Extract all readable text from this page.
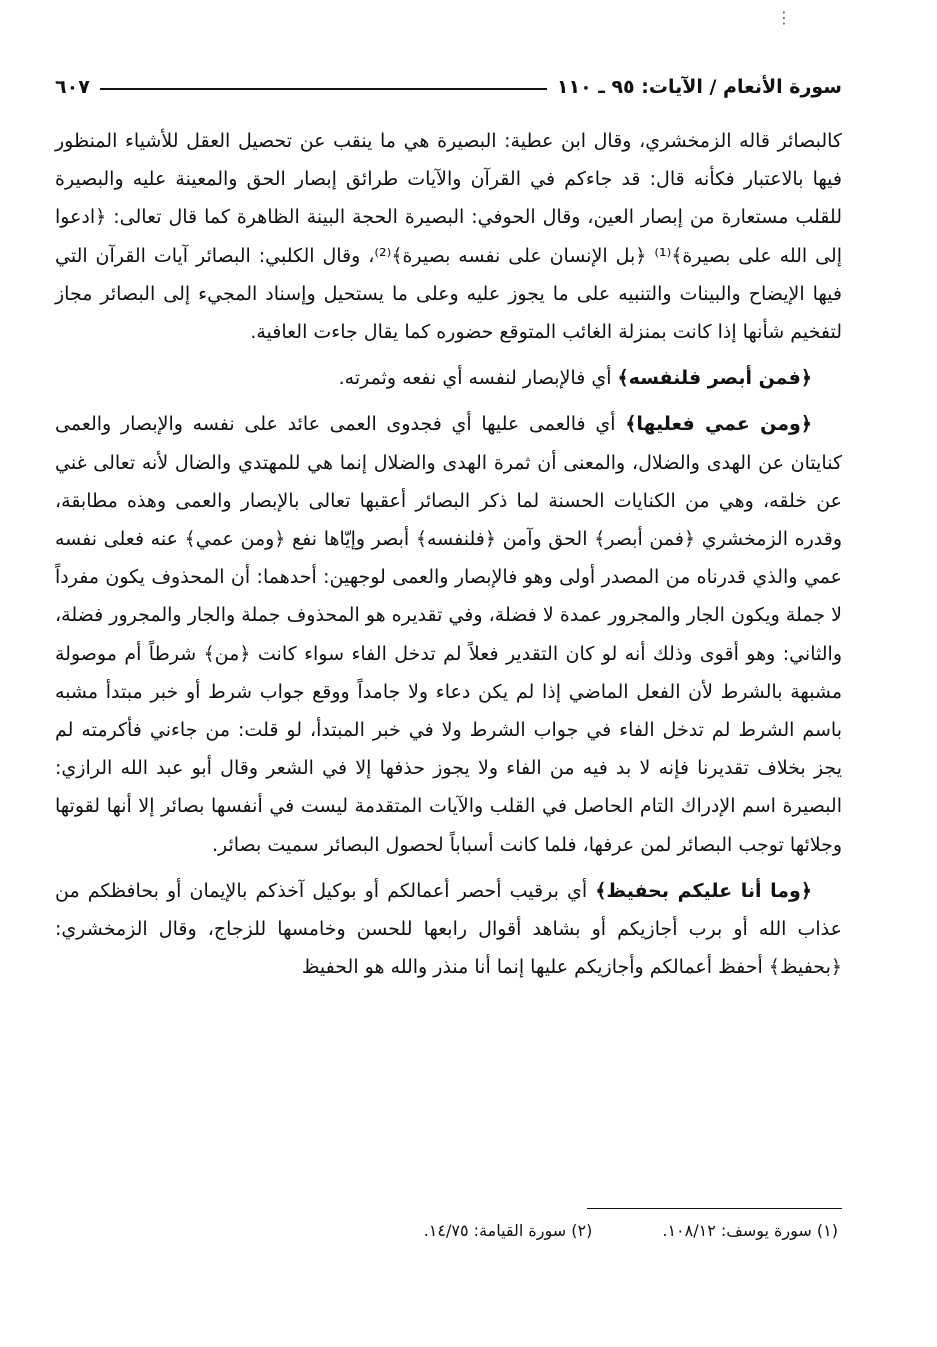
⋮
سورة الأنعام / الآيات: ٩٥ ـ ١١٠
٦٠٧

كالبصائر قاله الزمخشري، وقال ابن عطية: البصيرة هي ما ينقب عن تحصيل العقل للأشياء المنظور فيها بالاعتبار فكأنه قال: قد جاءكم في القرآن والآيات طرائق إبصار الحق والمعينة عليه والبصيرة للقلب مستعارة من إبصار العين، وقال الحوفي: البصيرة الحجة البينة الظاهرة كما قال تعالى: ﴿ادعوا إلى الله على بصيرة﴾⁽¹⁾ ﴿بل الإنسان على نفسه بصيرة﴾⁽²⁾، وقال الكلبي: البصائر آيات القرآن التي فيها الإيضاح والبينات والتنبيه على ما يجوز عليه وعلى ما يستحيل وإسناد المجيء إلى البصائر مجاز لتفخيم شأنها إذا كانت بمنزلة الغائب المتوقع حضوره كما يقال جاءت العافية.

﴿فمن أبصر فلنفسه﴾ أي فالإبصار لنفسه أي نفعه وثمرته.

﴿ومن عمي فعليها﴾ أي فالعمى عليها أي فجدوى العمى عائد على نفسه والإبصار والعمى كنايتان عن الهدى والضلال، والمعنى أن ثمرة الهدى والضلال إنما هي للمهتدي والضال لأنه تعالى غني عن خلقه، وهي من الكنايات الحسنة لما ذكر البصائر أعقبها تعالى بالإبصار والعمى وهذه مطابقة، وقدره الزمخشري ﴿فمن أبصر﴾ الحق وآمن ﴿فلنفسه﴾ أبصر وإيّاها نفع ﴿ومن عمي﴾ عنه فعلى نفسه عمي والذي قدرناه من المصدر أولى وهو فالإبصار والعمى لوجهين: أحدهما: أن المحذوف يكون مفرداً لا جملة ويكون الجار والمجرور عمدة لا فضلة، وفي تقديره هو المحذوف جملة والجار والمجرور فضلة، والثاني: وهو أقوى وذلك أنه لو كان التقدير فعلاً لم تدخل الفاء سواء كانت ﴿من﴾ شرطاً أم موصولة مشبهة بالشرط لأن الفعل الماضي إذا لم يكن دعاء ولا جامداً ووقع جواب شرط أو خبر مبتدأ مشبه باسم الشرط لم تدخل الفاء في جواب الشرط ولا في خبر المبتدأ، لو قلت: من جاءني فأكرمته لم يجز بخلاف تقديرنا فإنه لا بد فيه من الفاء ولا يجوز حذفها إلا في الشعر وقال أبو عبد الله الرازي: البصيرة اسم الإدراك التام الحاصل في القلب والآيات المتقدمة ليست في أنفسها بصائر إلا أنها لقوتها وجلائها توجب البصائر لمن عرفها، فلما كانت أسباباً لحصول البصائر سميت بصائر.

﴿وما أنا عليكم بحفيظ﴾ أي برقيب أحصر أعمالكم أو بوكيل آخذكم بالإيمان أو بحافظكم من عذاب الله أو برب أجازيكم أو بشاهد أقوال رابعها للحسن وخامسها للزجاج، وقال الزمخشري: ﴿بحفيظ﴾ أحفظ أعمالكم وأجازيكم عليها إنما أنا منذر والله هو الحفيظ

(١) سورة يوسف: ١٠٨/١٢.
(٢) سورة القيامة: ١٤/٧٥.
